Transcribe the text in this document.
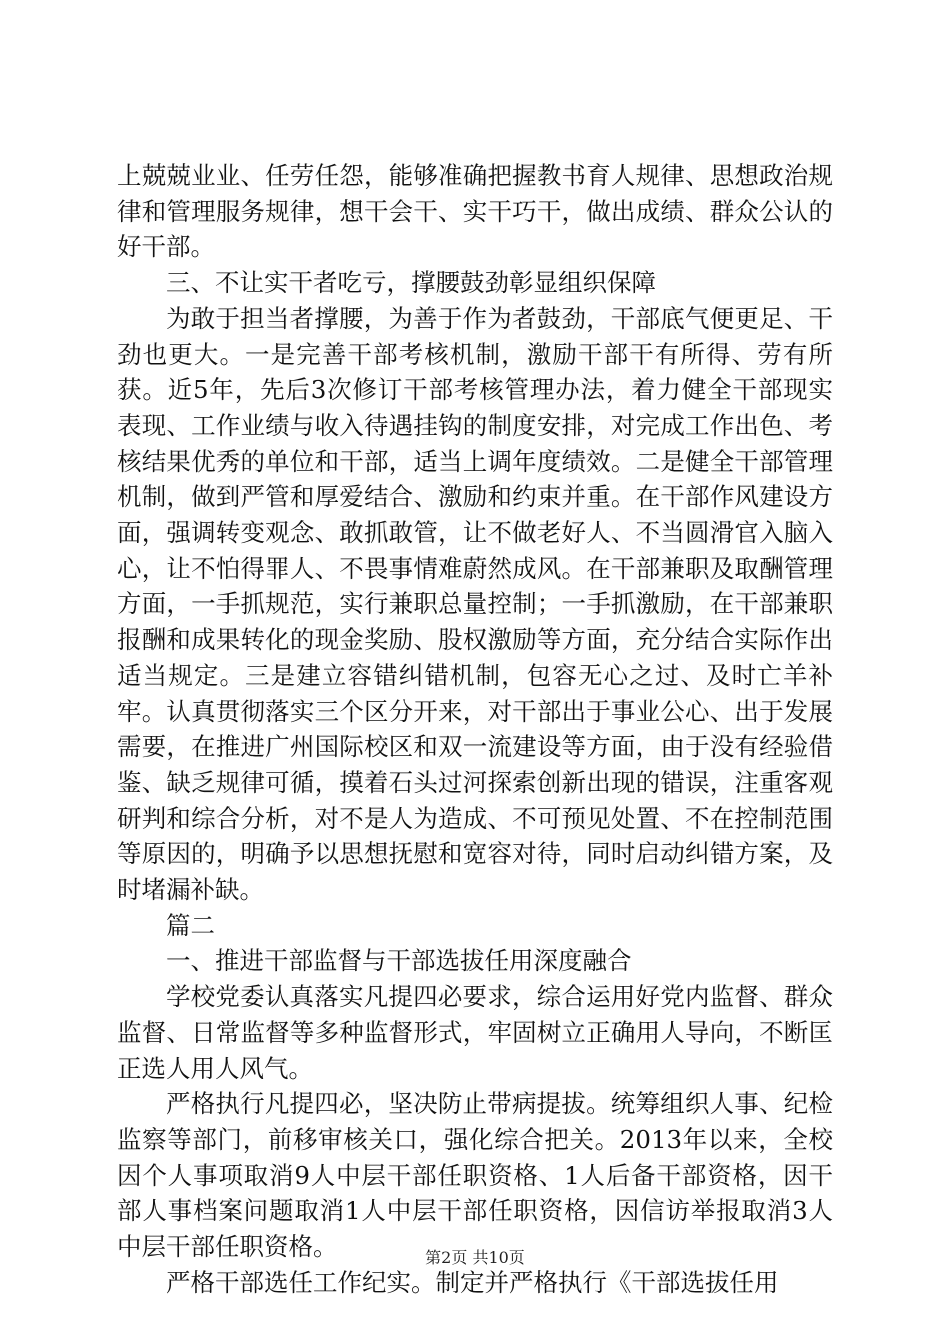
上兢兢业业、任劳任怨，能够准确把握教书育人规律、思想政治规律和管理服务规律，想干会干、实干巧干，做出成绩、群众公认的好干部。

三、不让实干者吃亏，撑腰鼓劲彰显组织保障

为敢于担当者撑腰，为善于作为者鼓劲，干部底气便更足、干劲也更大。一是完善干部考核机制，激励干部干有所得、劳有所获。近5年，先后3次修订干部考核管理办法，着力健全干部现实表现、工作业绩与收入待遇挂钩的制度安排，对完成工作出色、考核结果优秀的单位和干部，适当上调年度绩效。二是健全干部管理机制，做到严管和厚爱结合、激励和约束并重。在干部作风建设方面，强调转变观念、敢抓敢管，让不做老好人、不当圆滑官入脑入心，让不怕得罪人、不畏事情难蔚然成风。在干部兼职及取酬管理方面，一手抓规范，实行兼职总量控制；一手抓激励，在干部兼职报酬和成果转化的现金奖励、股权激励等方面，充分结合实际作出适当规定。三是建立容错纠错机制，包容无心之过、及时亡羊补牢。认真贯彻落实三个区分开来，对干部出于事业公心、出于发展需要，在推进广州国际校区和双一流建设等方面，由于没有经验借鉴、缺乏规律可循，摸着石头过河探索创新出现的错误，注重客观研判和综合分析，对不是人为造成、不可预见处置、不在控制范围等原因的，明确予以思想抚慰和宽容对待，同时启动纠错方案，及时堵漏补缺。

篇二

一、推进干部监督与干部选拔任用深度融合

学校党委认真落实凡提四必要求，综合运用好党内监督、群众监督、日常监督等多种监督形式，牢固树立正确用人导向，不断匡正选人用人风气。

严格执行凡提四必，坚决防止带病提拔。统筹组织人事、纪检监察等部门，前移审核关口，强化综合把关。2013年以来，全校因个人事项取消9人中层干部任职资格、1人后备干部资格，因干部人事档案问题取消1人中层干部任职资格，因信访举报取消3人中层干部任职资格。

严格干部选任工作纪实。制定并严格执行《干部选拔任用

第2页 共10页
